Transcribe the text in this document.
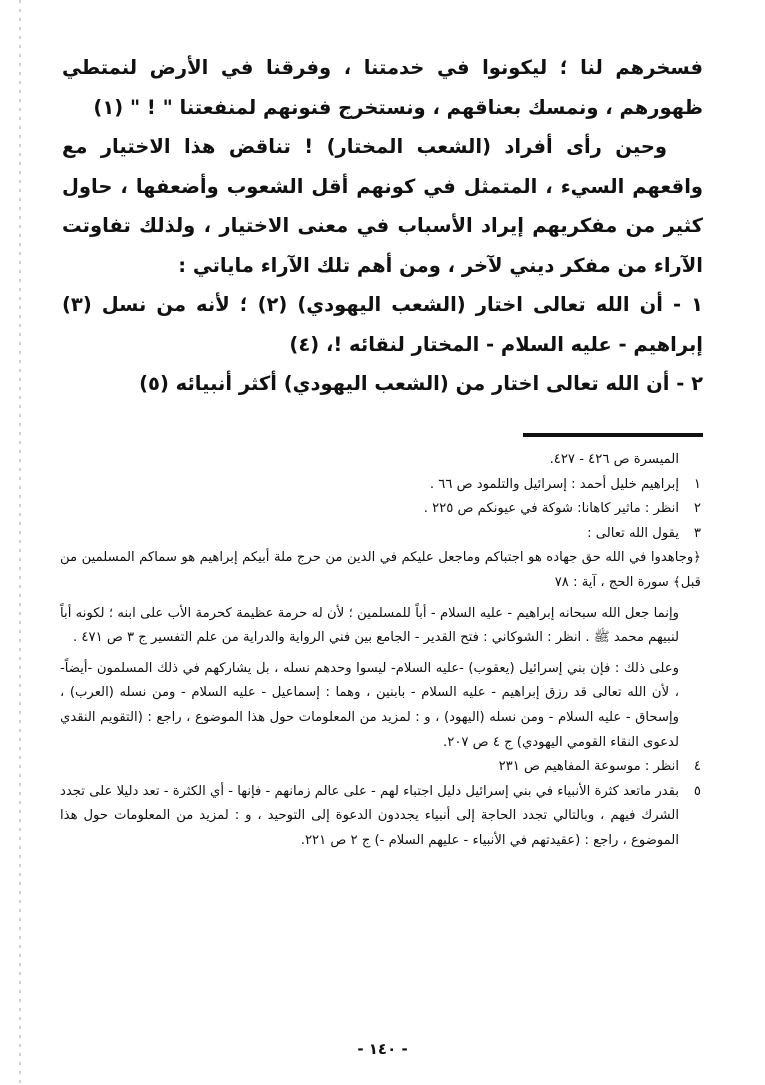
فسخرهم لنا ؛ ليكونوا في خدمتنا ، وفرقنا في الأرض لنمتطي ظهورهم ، ونمسك بعناقهم ، ونستخرج فنونهم لمنفعتنا " ! " (١)

وحين رأى أفراد (الشعب المختار) ! تناقض هذا الاختيار مع واقعهم السيء ، المتمثل في كونهم أقل الشعوب وأضعفها ، حاول كثير من مفكريهم إيراد الأسباب في معنى الاختيار ، ولذلك تفاوتت الآراء من مفكر ديني لآخر ، ومن أهم تلك الآراء ماياتي :

١ - أن الله تعالى اختار (الشعب اليهودي) (٢) ؛ لأنه من نسل (٣) إبراهيم - عليه السلام - المختار لنقائه !، (٤)

٢ - أن الله تعالى اختار من (الشعب اليهودي) أكثر أنبيائه (٥)

الميسرة ص ٤٢٦ - ٤٢٧.

١

إبراهيم خليل أحمد : إسرائيل والتلمود ص ٦٦ .

٢

انظر : ماثير كاهانا: شوكة في عيونكم ص ٢٢٥ .

٣

يقول الله تعالى :

﴿وجاهدوا في الله حق جهاده هو اجتباكم وماجعل عليكم في الدين من حرج ملة أبيكم إبراهيم هو سماكم المسلمين من قبل﴾ سورة الحج ، آية : ٧٨

وإنما جعل الله سبحانه إبراهيم - عليه السلام - أباً للمسلمين ؛ لأن له حرمة عظيمة كحرمة الأب على ابنه ؛ لكونه أباً لنبيهم محمد ﷺ . انظر : الشوكاني : فتح القدير - الجامع بين فني الرواية والدراية من علم التفسير ج ٣ ص ٤٧١ .

وعلى ذلك : فإن بني إسرائيل (يعقوب) -عليه السلام- ليسوا وحدهم نسله ، بل يشاركهم في ذلك المسلمون -أيضاً- ، لأن الله تعالى قد رزق إبراهيم - عليه السلام - بابنين ، وهما : إسماعيل - عليه السلام - ومن نسله (العرب) ، وإسحاق - عليه السلام - ومن نسله (اليهود) ، و : لمزيد من المعلومات حول هذا الموضوع ، راجع : (التقويم النقدي لدعوى النقاء القومي اليهودي) ج ٤ ص ٢٠٧.

٤

انظر : موسوعة المفاهيم ص ٢٣١

٥

بقدر ماتعد كثرة الأنبياء في بني إسرائيل دليل اجتباء لهم - على عالم زمانهم - فإنها - أي الكثرة - تعد دليلا على تجدد الشرك فيهم ، وبالتالي تجدد الحاجة إلى أنبياء يجددون الدعوة إلى التوحيد ، و : لمزيد من المعلومات حول هذا الموضوع ، راجع : (عقيدتهم في الأنبياء - عليهم السلام -) ج ٢ ص ٢٢١.

- ١٤٠ -
